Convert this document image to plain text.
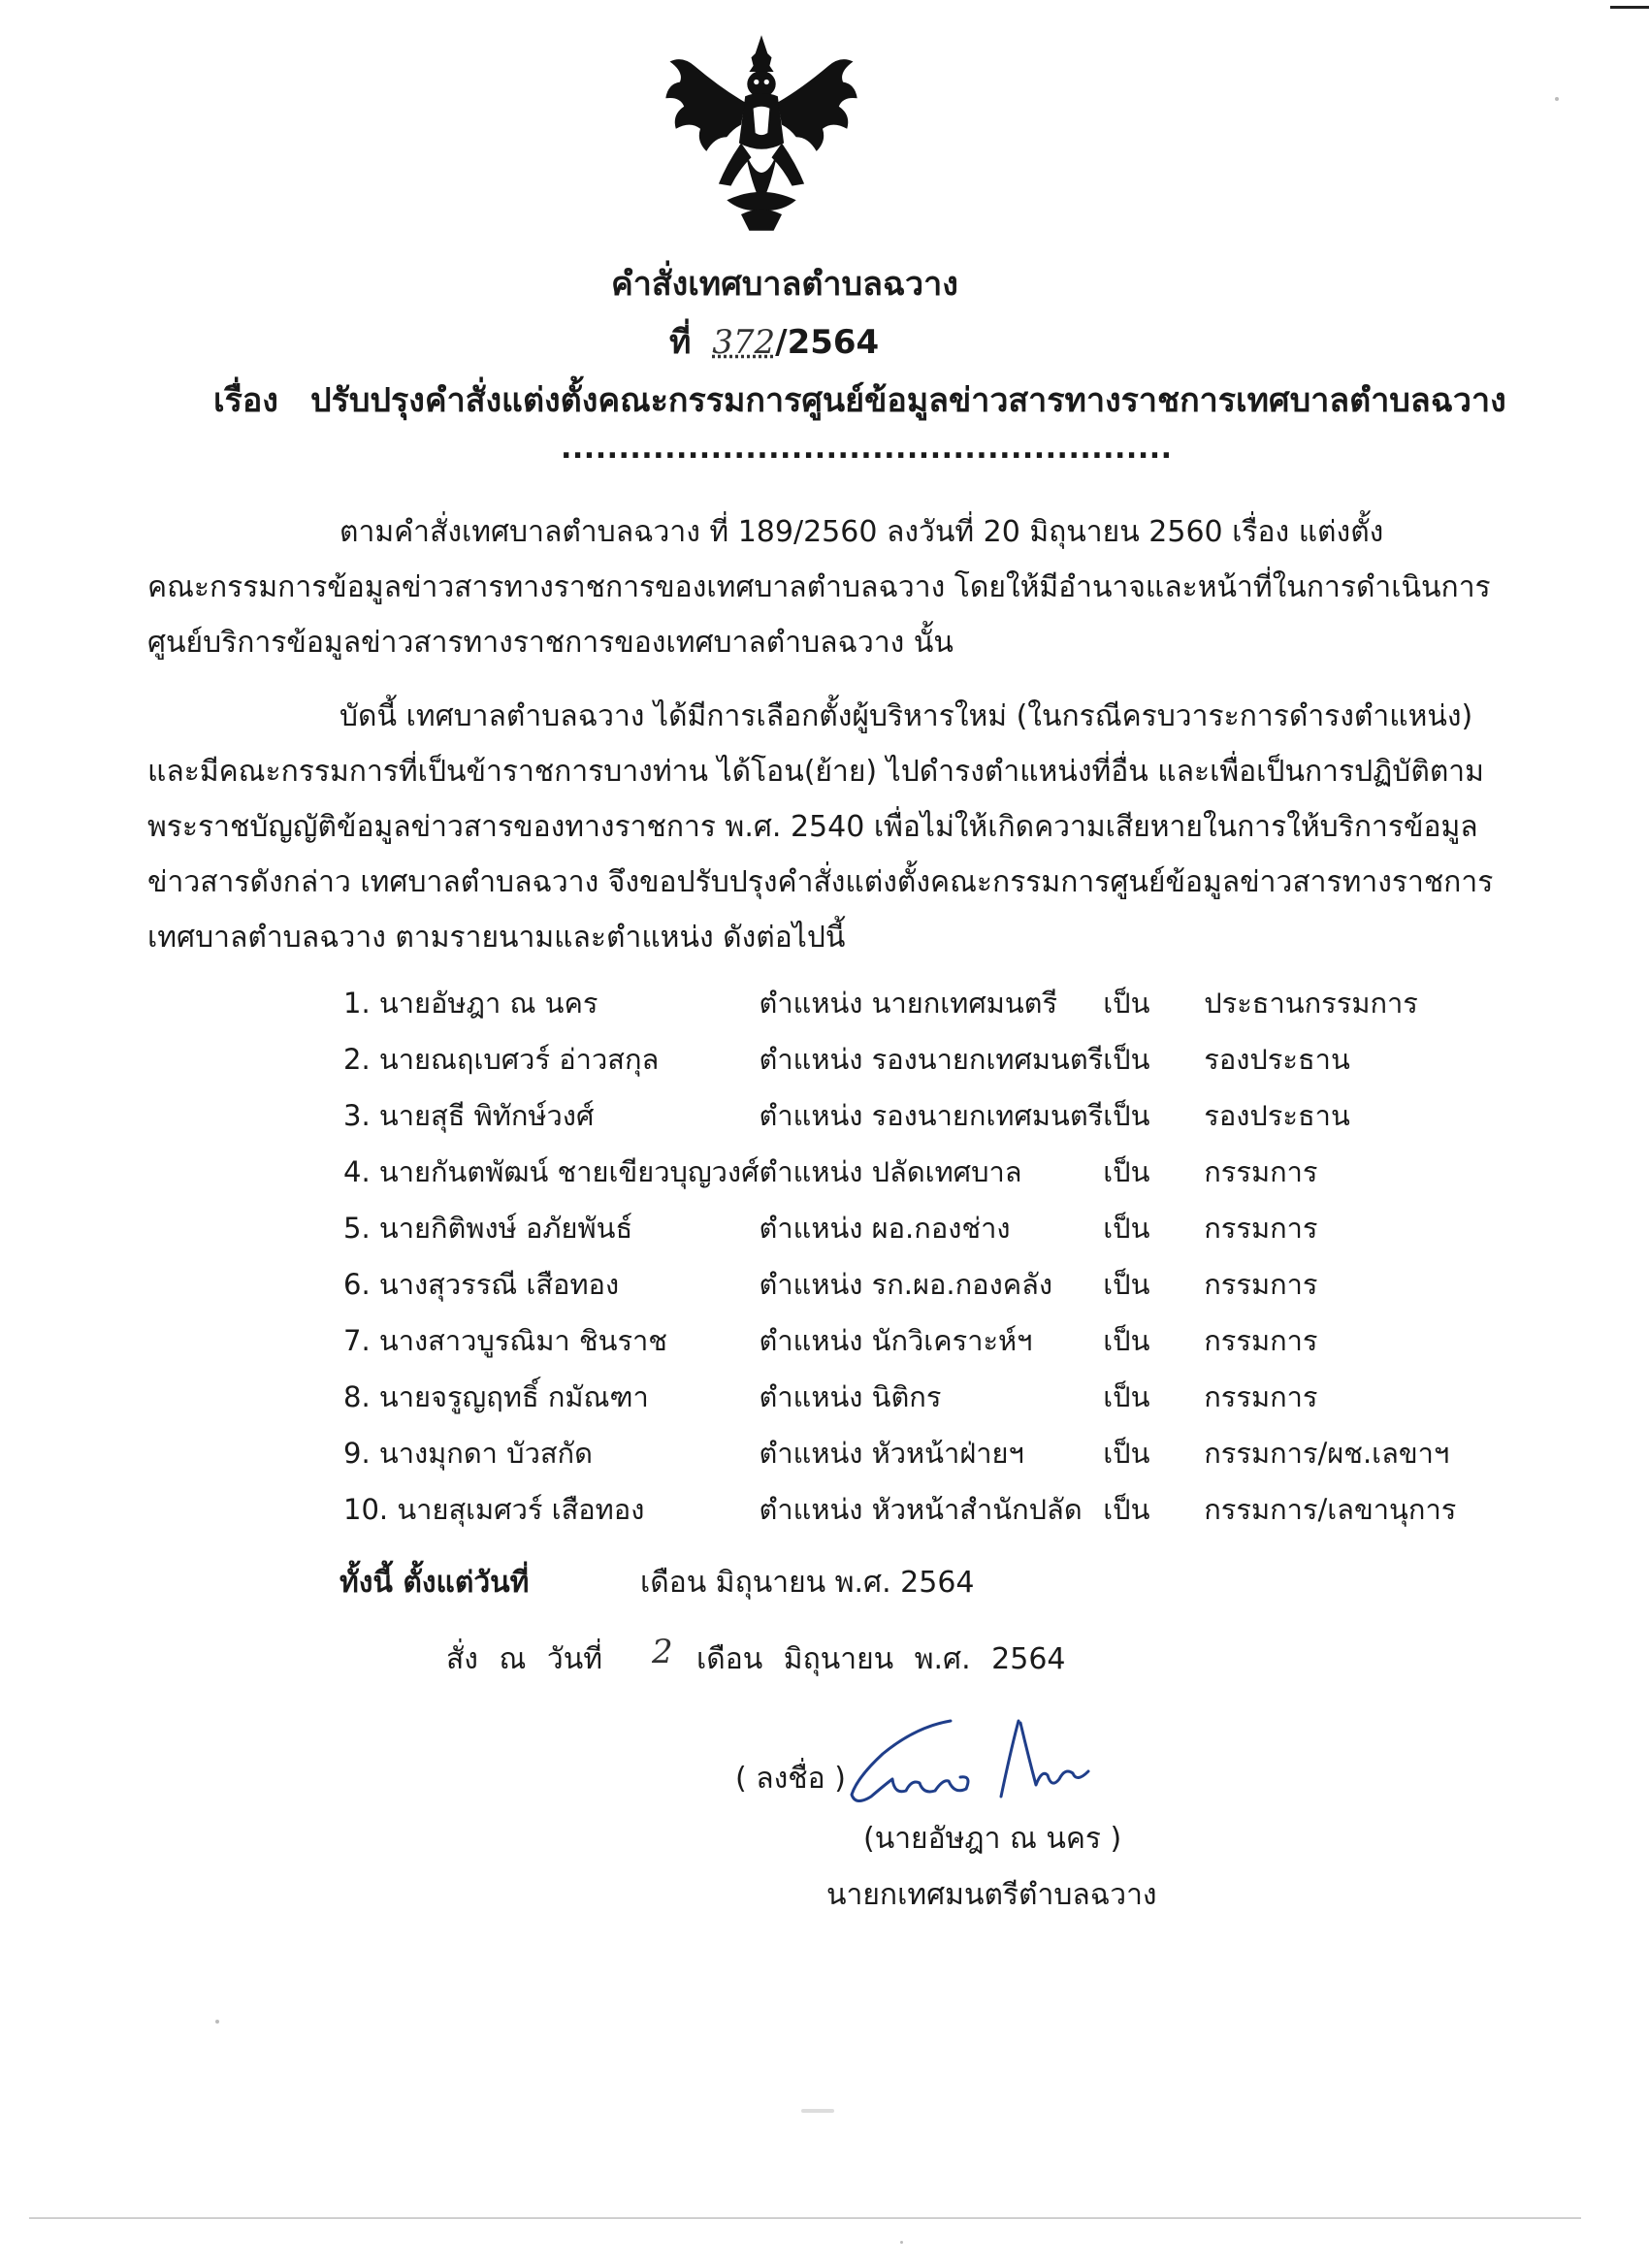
คำสั่งเทศบาลตำบลฉวาง
ที่ 372/2564
เรื่อง ปรับปรุงคำสั่งแต่งตั้งคณะกรรมการศูนย์ข้อมูลข่าวสารทางราชการเทศบาลตำบลฉวาง
.....................................................
ตามคำสั่งเทศบาลตำบลฉวาง ที่ 189/2560 ลงวันที่ 20 มิถุนายน 2560 เรื่อง แต่งตั้ง
คณะกรรมการข้อมูลข่าวสารทางราชการของเทศบาลตำบลฉวาง โดยให้มีอำนาจและหน้าที่ในการดำเนินการ
ศูนย์บริการข้อมูลข่าวสารทางราชการของเทศบาลตำบลฉวาง นั้น
บัดนี้ เทศบาลตำบลฉวาง ได้มีการเลือกตั้งผู้บริหารใหม่ (ในกรณีครบวาระการดำรงตำแหน่ง)
และมีคณะกรรมการที่เป็นข้าราชการบางท่าน ได้โอน(ย้าย) ไปดำรงตำแหน่งที่อื่น และเพื่อเป็นการปฏิบัติตาม
พระราชบัญญัติข้อมูลข่าวสารของทางราชการ พ.ศ. 2540 เพื่อไม่ให้เกิดความเสียหายในการให้บริการข้อมูล
ข่าวสารดังกล่าว เทศบาลตำบลฉวาง จึงขอปรับปรุงคำสั่งแต่งตั้งคณะกรรมการศูนย์ข้อมูลข่าวสารทางราชการ
เทศบาลตำบลฉวาง ตามรายนามและตำแหน่ง ดังต่อไปนี้
1. นายอัษฎา ณ นคร	ตำแหน่ง นายกเทศมนตรี	เป็น	ประธานกรรมการ
2. นายณฤเบศวร์ อ่าวสกุล	ตำแหน่ง รองนายกเทศมนตรี	เป็น	รองประธาน
3. นายสุธี พิทักษ์วงศ์	ตำแหน่ง รองนายกเทศมนตรี	เป็น	รองประธาน
4. นายกันตพัฒน์ ชายเขียวบุญวงศ์	ตำแหน่ง ปลัดเทศบาล	เป็น	กรรมการ
5. นายกิติพงษ์ อภัยพันธ์	ตำแหน่ง ผอ.กองช่าง	เป็น	กรรมการ
6. นางสุวรรณี เสือทอง	ตำแหน่ง รก.ผอ.กองคลัง	เป็น	กรรมการ
7. นางสาวบูรณิมา ชินราช	ตำแหน่ง นักวิเคราะห์ฯ	เป็น	กรรมการ
8. นายจรูญฤทธิ์ กมัณฑา	ตำแหน่ง นิติกร	เป็น	กรรมการ
9. นางมุกดา บัวสกัด	ตำแหน่ง หัวหน้าฝ่ายฯ	เป็น	กรรมการ/ผช.เลขาฯ
10. นายสุเมศวร์ เสือทอง	ตำแหน่ง หัวหน้าสำนักปลัด	เป็น	กรรมการ/เลขานุการ
ทั้งนี้ ตั้งแต่วันที่	เดือน มิถุนายน พ.ศ. 2564
สั่ง ณ วันที่ 2 เดือน มิถุนายน พ.ศ. 2564
( ลงชื่อ )
(นายอัษฎา ณ นคร )
นายกเทศมนตรีตำบลฉวาง
